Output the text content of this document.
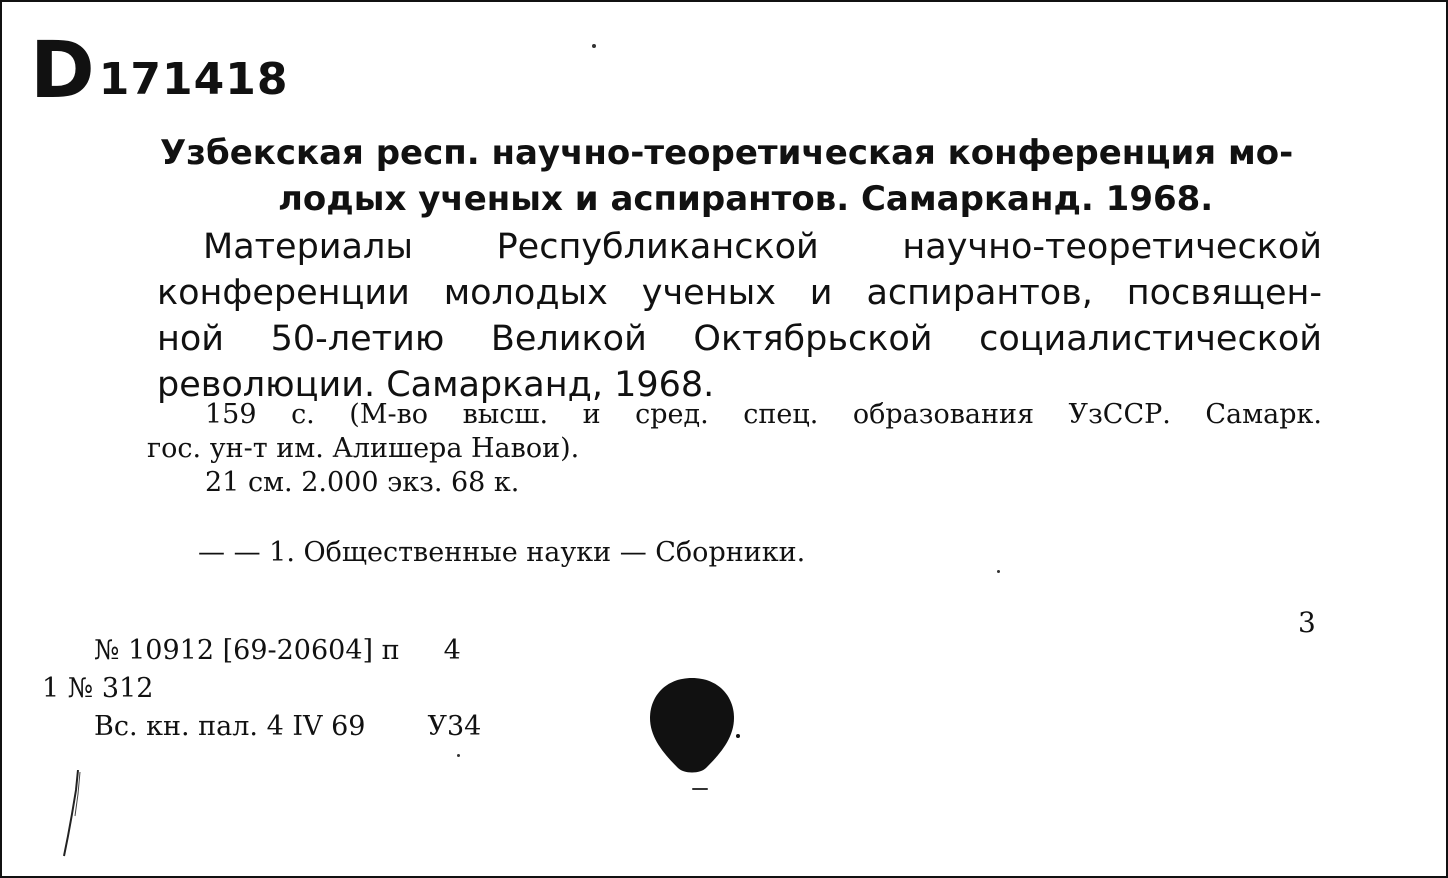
D 171418
Узбекская респ. научно-теоретическая конференция мо-
лодых ученых и аспирантов. Самарканд. 1968.
Материалы Республиканской научно-теоретической
конференции молодых ученых и аспирантов, посвящен-
ной 50-летию Великой Октябрьской социалистической
революции. Самарканд, 1968.
159 с. (М-во высш. и сред. спец. образования УзССР. Самарк.
гос. ун-т им. Алишера Навои).
21 см. 2.000 экз. 68 к.
— — 1. Общественные науки — Сборники.
3
№ 10912 [69-20604] п 4
1 № 312
Вс. кн. пал. 4 IV 69 У34
